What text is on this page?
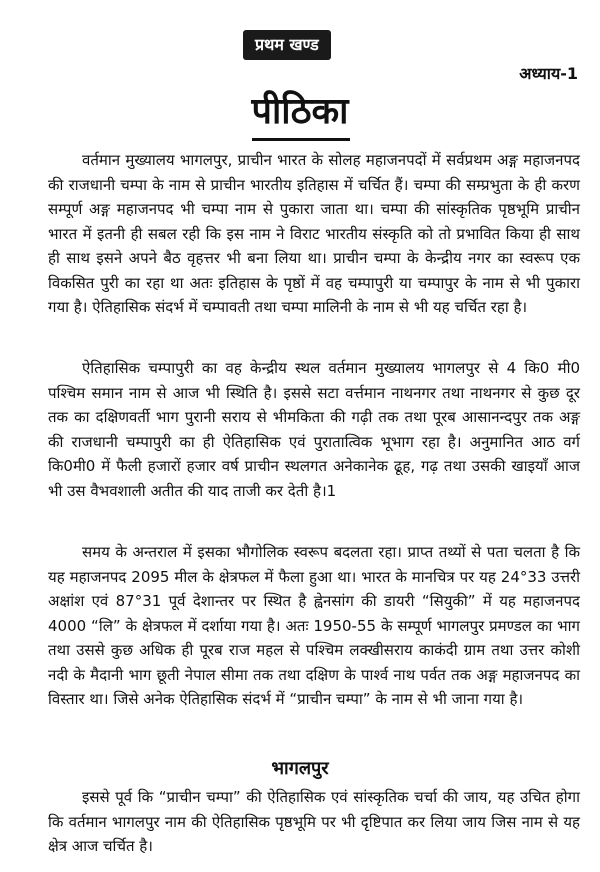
प्रथम खण्ड
अध्याय-1
पीठिका

वर्तमान मुख्यालय भागलपुर, प्राचीन भारत के सोलह महाजनपदों में सर्वप्रथम अङ्ग महाजनपद की राजधानी चम्पा के नाम से प्राचीन भारतीय इतिहास में चर्चित हैं। चम्पा की सम्प्रभुता के ही करण सम्पूर्ण अङ्ग महाजनपद भी चम्पा नाम से पुकारा जाता था। चम्पा की सांस्कृतिक पृष्ठभूमि प्राचीन भारत में इतनी ही सबल रही कि इस नाम ने विराट भारतीय संस्कृति को तो प्रभावित किया ही साथ ही साथ इसने अपने बैठ वृहत्तर भी बना लिया था। प्राचीन चम्पा के केन्द्रीय नगर का स्वरूप एक विकसित पुरी का रहा था अतः इतिहास के पृष्ठों में वह चम्पापुरी या चम्पापुर के नाम से भी पुकारा गया है। ऐतिहासिक संदर्भ में चम्पावती तथा चम्पा मालिनी के नाम से भी यह चर्चित रहा है।

ऐतिहासिक चम्पापुरी का वह केन्द्रीय स्थल वर्तमान मुख्यालय भागलपुर से 4 कि0 मी0 पश्चिम समान नाम से आज भी स्थिति है। इससे सटा वर्त्तमान नाथनगर तथा नाथनगर से कुछ दूर तक का दक्षिणवर्ती भाग पुरानी सराय से भीमकिता की गढ़ी तक तथा पूरब आसानन्दपुर तक अङ्ग की राजधानी चम्पापुरी का ही ऐतिहासिक एवं पुरातात्विक भूभाग रहा है। अनुमानित आठ वर्ग कि0मी0 में फैली हजारों हजार वर्ष प्राचीन स्थलगत अनेकानेक ढूह, गढ़ तथा उसकी खाइयाँ आज भी उस वैभवशाली अतीत की याद ताजी कर देती है।1

समय के अन्तराल में इसका भौगोलिक स्वरूप बदलता रहा। प्राप्त तथ्यों से पता चलता है कि यह महाजनपद 2095 मील के क्षेत्रफल में फैला हुआ था। भारत के मानचित्र पर यह 24°33 उत्तरी अक्षांश एवं 87°31 पूर्व देशान्तर पर स्थित है ह्वेनसांग की डायरी “सियुकी” में यह महाजनपद 4000 “लि” के क्षेत्रफल में दर्शाया गया है। अतः 1950-55 के सम्पूर्ण भागलपुर प्रमण्डल का भाग तथा उससे कुछ अधिक ही पूरब राज महल से पश्चिम लक्खीसराय काकंदी ग्राम तथा उत्तर कोशी नदी के मैदानी भाग छूती नेपाल सीमा तक तथा दक्षिण के पार्श्व नाथ पर्वत तक अङ्ग महाजनपद का विस्तार था। जिसे अनेक ऐतिहासिक संदर्भ में “प्राचीन चम्पा” के नाम से भी जाना गया है।

भागलपुर

इससे पूर्व कि “प्राचीन चम्पा” की ऐतिहासिक एवं सांस्कृतिक चर्चा की जाय, यह उचित होगा कि वर्तमान भागलपुर नाम की ऐतिहासिक पृष्ठभूमि पर भी दृष्टिपात कर लिया जाय जिस नाम से यह क्षेत्र आज चर्चित है।
